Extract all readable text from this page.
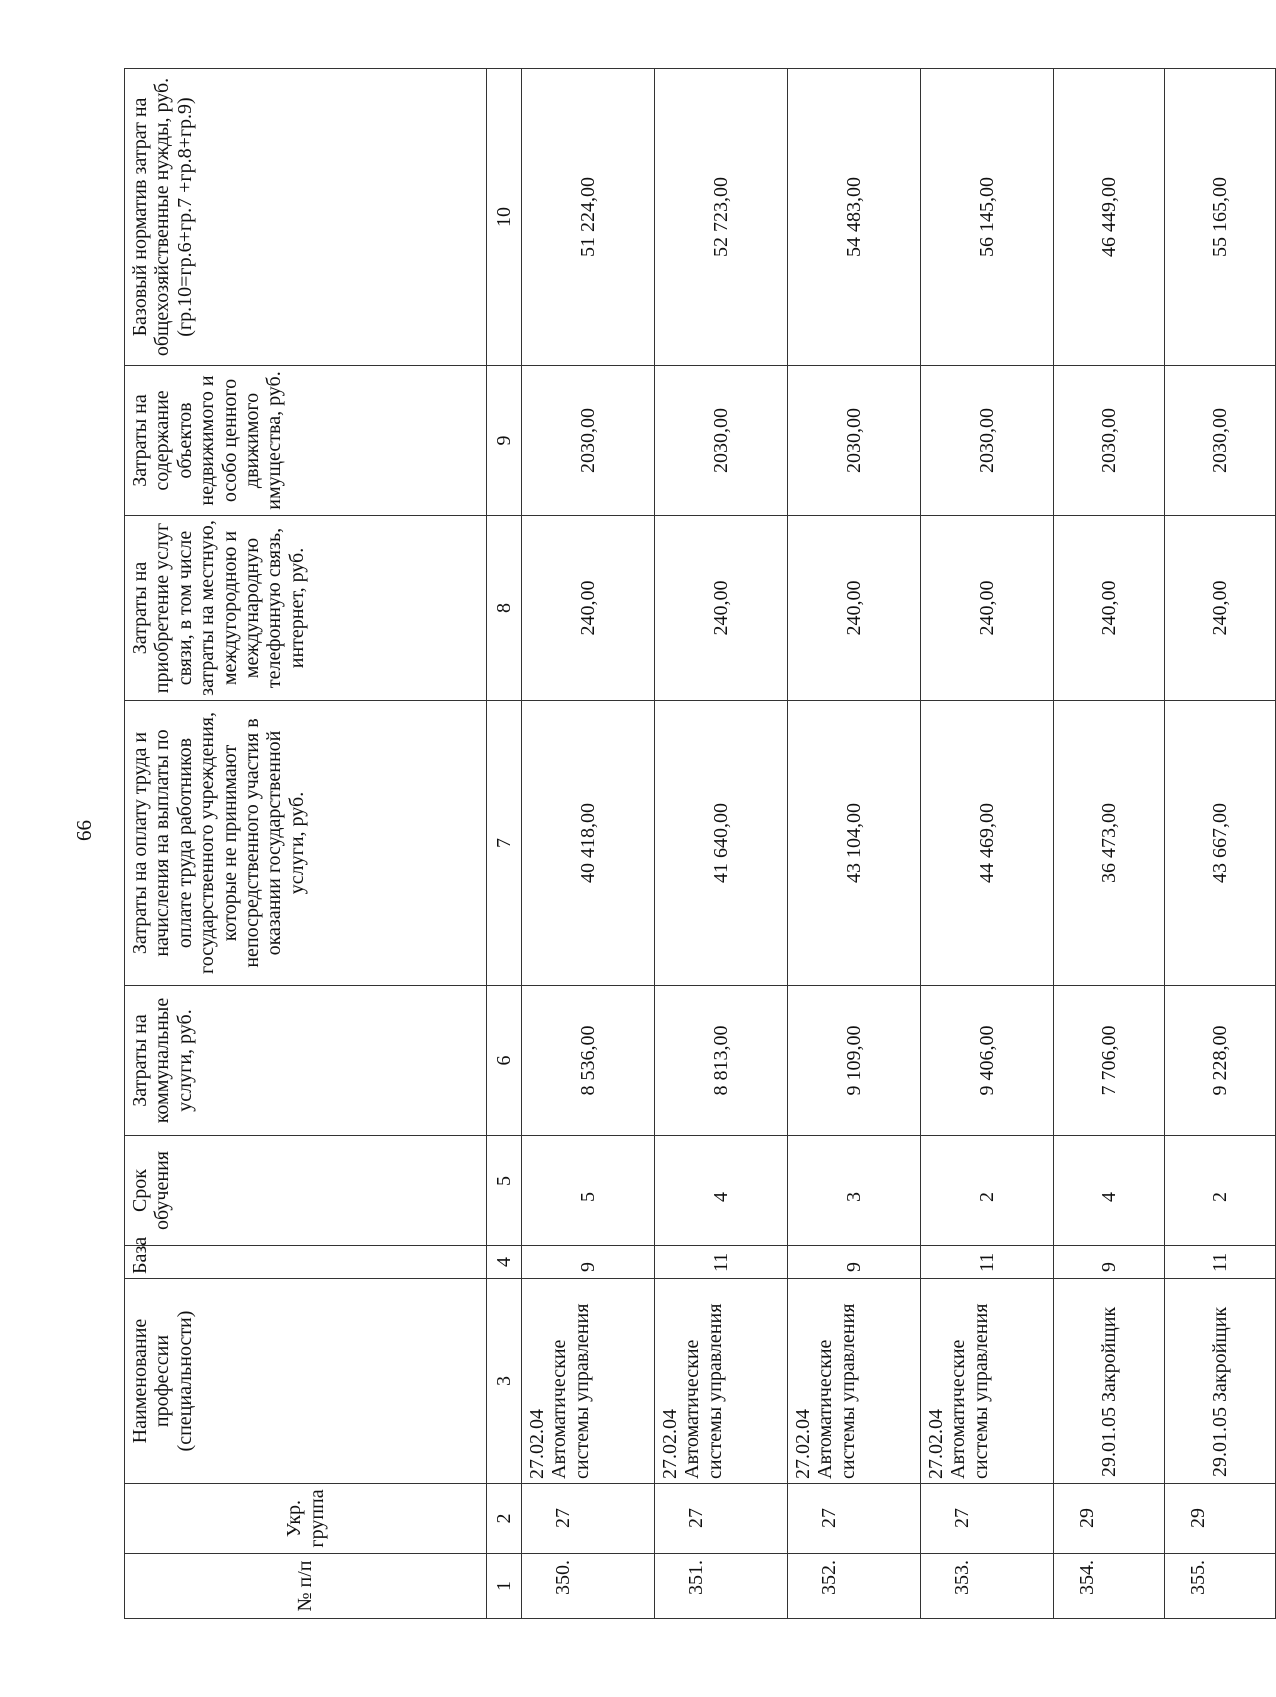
66
№ п/п	Укр. группа	Наименование профессии (специальности)	База	Срок обучения	Затраты на коммунальные услуги, руб.	Затраты на оплату труда и начисления на выплаты по оплате труда работников государственного учреждения, которые не принимают непосредственного участия в оказании государственной услуги, руб.	Затраты на приобретение услуг связи, в том числе затраты на местную, междугородною и международную телефонную связь, интернет, руб.	Затраты на содержание объектов недвижимого и особо ценного движимого имущества, руб.	Базовый норматив затрат на общехозяйственные нужды, руб. (гр.10=гр.6+гр.7 +гр.8+гр.9)
1	2	3	4	5	6	7	8	9	10
350.	27	27.02.04 Автоматические системы управления	9	5	8 536,00	40 418,00	240,00	2030,00	51 224,00
351.	27	27.02.04 Автоматические системы управления	11	4	8 813,00	41 640,00	240,00	2030,00	52 723,00
352.	27	27.02.04 Автоматические системы управления	9	3	9 109,00	43 104,00	240,00	2030,00	54 483,00
353.	27	27.02.04 Автоматические системы управления	11	2	9 406,00	44 469,00	240,00	2030,00	56 145,00
354.	29	29.01.05 Закройщик	9	4	7 706,00	36 473,00	240,00	2030,00	46 449,00
355.	29	29.01.05 Закройщик	11	2	9 228,00	43 667,00	240,00	2030,00	55 165,00
